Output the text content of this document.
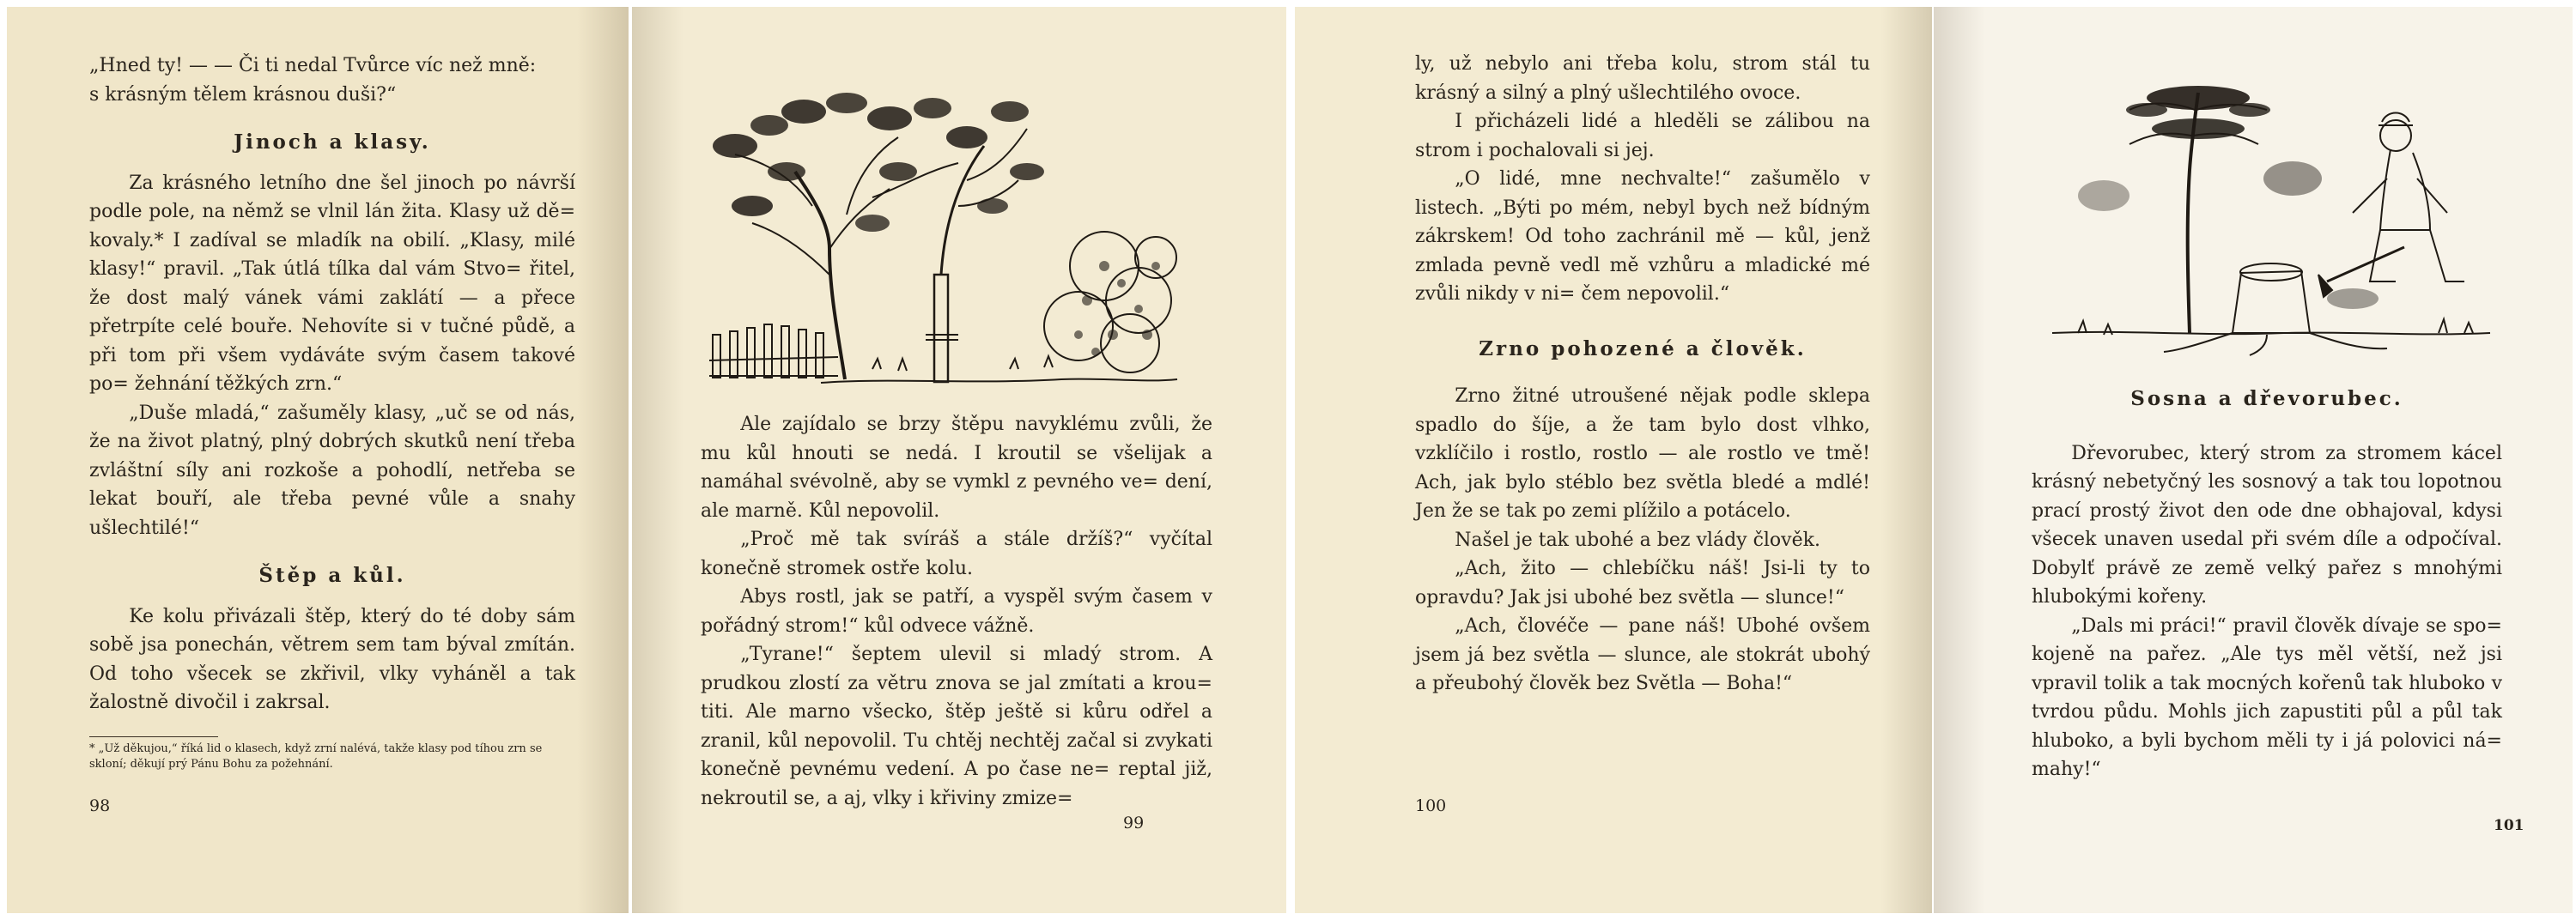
„Hned ty! — — Či ti nedal Tvůrce víc než mně:

s krásným tělem krásnou duši?“

Jinoch a klasy.

Za krásného letního dne šel jinoch po návrší podle pole, na němž se vlnil lán žita. Klasy už dě= kovaly.* I zadíval se mladík na obilí. „Klasy, milé klasy!“ pravil. „Tak útlá tílka dal vám Stvo= řitel, že dost malý vánek vámi zaklátí — a přece přetrpíte celé bouře. Nehovíte si v tučné půdě, a při tom při všem vydáváte svým časem takové po= žehnání těžkých zrn.“

„Duše mladá,“ zašuměly klasy, „uč se od nás, že na život platný, plný dobrých skutků není třeba zvláštní síly ani rozkoše a pohodlí, netřeba se lekat bouří, ale třeba pevné vůle a snahy ušlechtilé!“

Štěp a kůl.

Ke kolu přivázali štěp, který do té doby sám sobě jsa ponechán, větrem sem tam býval zmítán. Od toho všecek se zkřivil, vlky vyháněl a tak žalostně divočil i zakrsal.

* „Už děkujou,“ říká lid o klasech, když zrní nalévá, takže klasy pod tíhou zrn se skloní; děkují prý Pánu Bohu za požehnání.
98

Ale zajídalo se brzy štěpu navyklému zvůli, že mu kůl hnouti se nedá. I kroutil se všelijak a namáhal svévolně, aby se vymkl z pevného ve= dení, ale marně. Kůl nepovolil.

„Proč mě tak svíráš a stále držíš?“ vyčítal konečně stromek ostře kolu.

Abys rostl, jak se patří, a vyspěl svým časem v pořádný strom!“ kůl odvece vážně.

„Tyrane!“ šeptem ulevil si mladý strom. A prudkou zlostí za větru znova se jal zmítati a krou= titi. Ale marno všecko, štěp ještě si kůru odřel a zranil, kůl nepovolil. Tu chtěj nechtěj začal si zvykati konečně pevnému vedení. A po čase ne= reptal již, nekroutil se, a aj, vlky i křiviny zmize=

99

ly, už nebylo ani třeba kolu, strom stál tu krásný a silný a plný ušlechtilého ovoce.

I přicházeli lidé a hleděli se zálibou na strom i pochalovali si jej.

„O lidé, mne nechvalte!“ zašumělo v listech. „Býti po mém, nebyl bych než bídným zákrskem! Od toho zachránil mě — kůl, jenž zmlada pevně vedl mě vzhůru a mladické mé zvůli nikdy v ni= čem nepovolil.“

Zrno pohozené a člověk.

Zrno žitné utroušené nějak podle sklepa spadlo do šíje, a že tam bylo dost vlhko, vzklíčilo i rostlo, rostlo — ale rostlo ve tmě! Ach, jak bylo stéblo bez světla bledé a mdlé! Jen že se tak po zemi plížilo a potácelo.

Našel je tak ubohé a bez vlády člověk.

„Ach, žito — chlebíčku náš! Jsi-li ty to opravdu? Jak jsi ubohé bez světla — slunce!“

„Ach, človéče — pane náš! Ubohé ovšem jsem já bez světla — slunce, ale stokrát ubohý a přeubohý člověk bez Světla — Boha!“

100
Sosna a dřevorubec.

Dřevorubec, který strom za stromem kácel krásný nebetyčný les sosnový a tak tou lopotnou prací prostý život den ode dne obhajoval, kdysi všecek unaven usedal při svém díle a odpočíval. Dobylť právě ze země velký pařez s mnohými hlubokými kořeny.

„Dals mi práci!“ pravil člověk dívaje se spo= kojeně na pařez. „Ale tys měl větší, než jsi vpravil tolik a tak mocných kořenů tak hluboko v tvrdou půdu. Mohls jich zapustiti půl a půl tak hluboko, a byli bychom měli ty i já polovici ná= mahy!“

101
